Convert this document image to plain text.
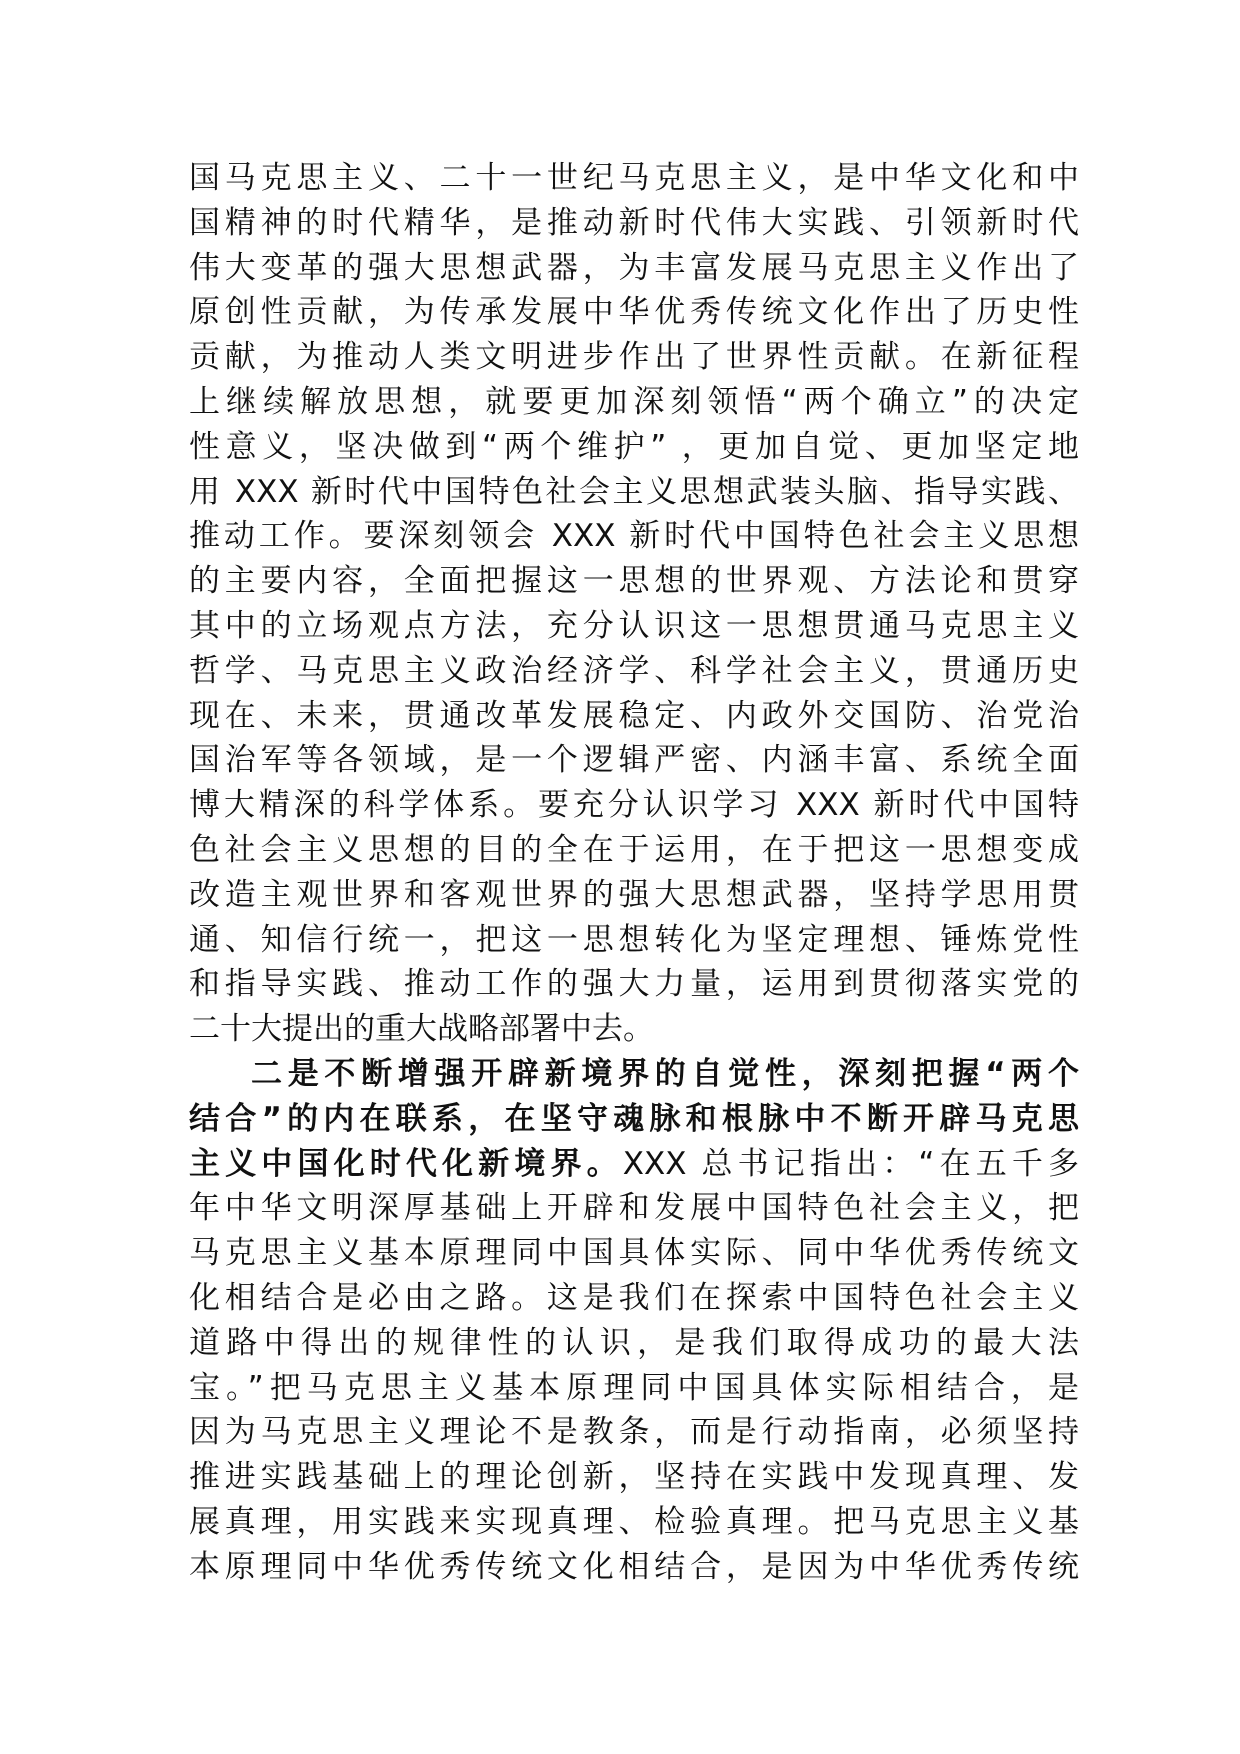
国马克思主义、二十一世纪马克思主义，是中华文化和中
国精神的时代精华，是推动新时代伟大实践、引领新时代
伟大变革的强大思想武器，为丰富发展马克思主义作出了
原创性贡献，为传承发展中华优秀传统文化作出了历史性
贡献，为推动人类文明进步作出了世界性贡献。在新征程
上继续解放思想，就要更加深刻领悟“两个确立”的决定
性意义，坚决做到“两个维护” ，更加自觉、更加坚定地
用 XXX 新时代中国特色社会主义思想武装头脑、指导实践、
推动工作。要深刻领会 XXX 新时代中国特色社会主义思想
的主要内容，全面把握这一思想的世界观、方法论和贯穿
其中的立场观点方法，充分认识这一思想贯通马克思主义
哲学、马克思主义政治经济学、科学社会主义，贯通历史
现在、未来，贯通改革发展稳定、内政外交国防、治党治
国治军等各领域，是一个逻辑严密、内涵丰富、系统全面
博大精深的科学体系。要充分认识学习 XXX 新时代中国特
色社会主义思想的目的全在于运用，在于把这一思想变成
改造主观世界和客观世界的强大思想武器，坚持学思用贯
通、知信行统一，把这一思想转化为坚定理想、锤炼党性
和指导实践、推动工作的强大力量，运用到贯彻落实党的
二十大提出的重大战略部署中去。
二是不断增强开辟新境界的自觉性，深刻把握“两个
结合”的内在联系，在坚守魂脉和根脉中不断开辟马克思
主义中国化时代化新境界。XXX 总书记指出：“在五千多
年中华文明深厚基础上开辟和发展中国特色社会主义，把
马克思主义基本原理同中国具体实际、同中华优秀传统文
化相结合是必由之路。这是我们在探索中国特色社会主义
道路中得出的规律性的认识，是我们取得成功的最大法
宝。”把马克思主义基本原理同中国具体实际相结合，是
因为马克思主义理论不是教条，而是行动指南，必须坚持
推进实践基础上的理论创新，坚持在实践中发现真理、发
展真理，用实践来实现真理、检验真理。把马克思主义基
本原理同中华优秀传统文化相结合，是因为中华优秀传统
